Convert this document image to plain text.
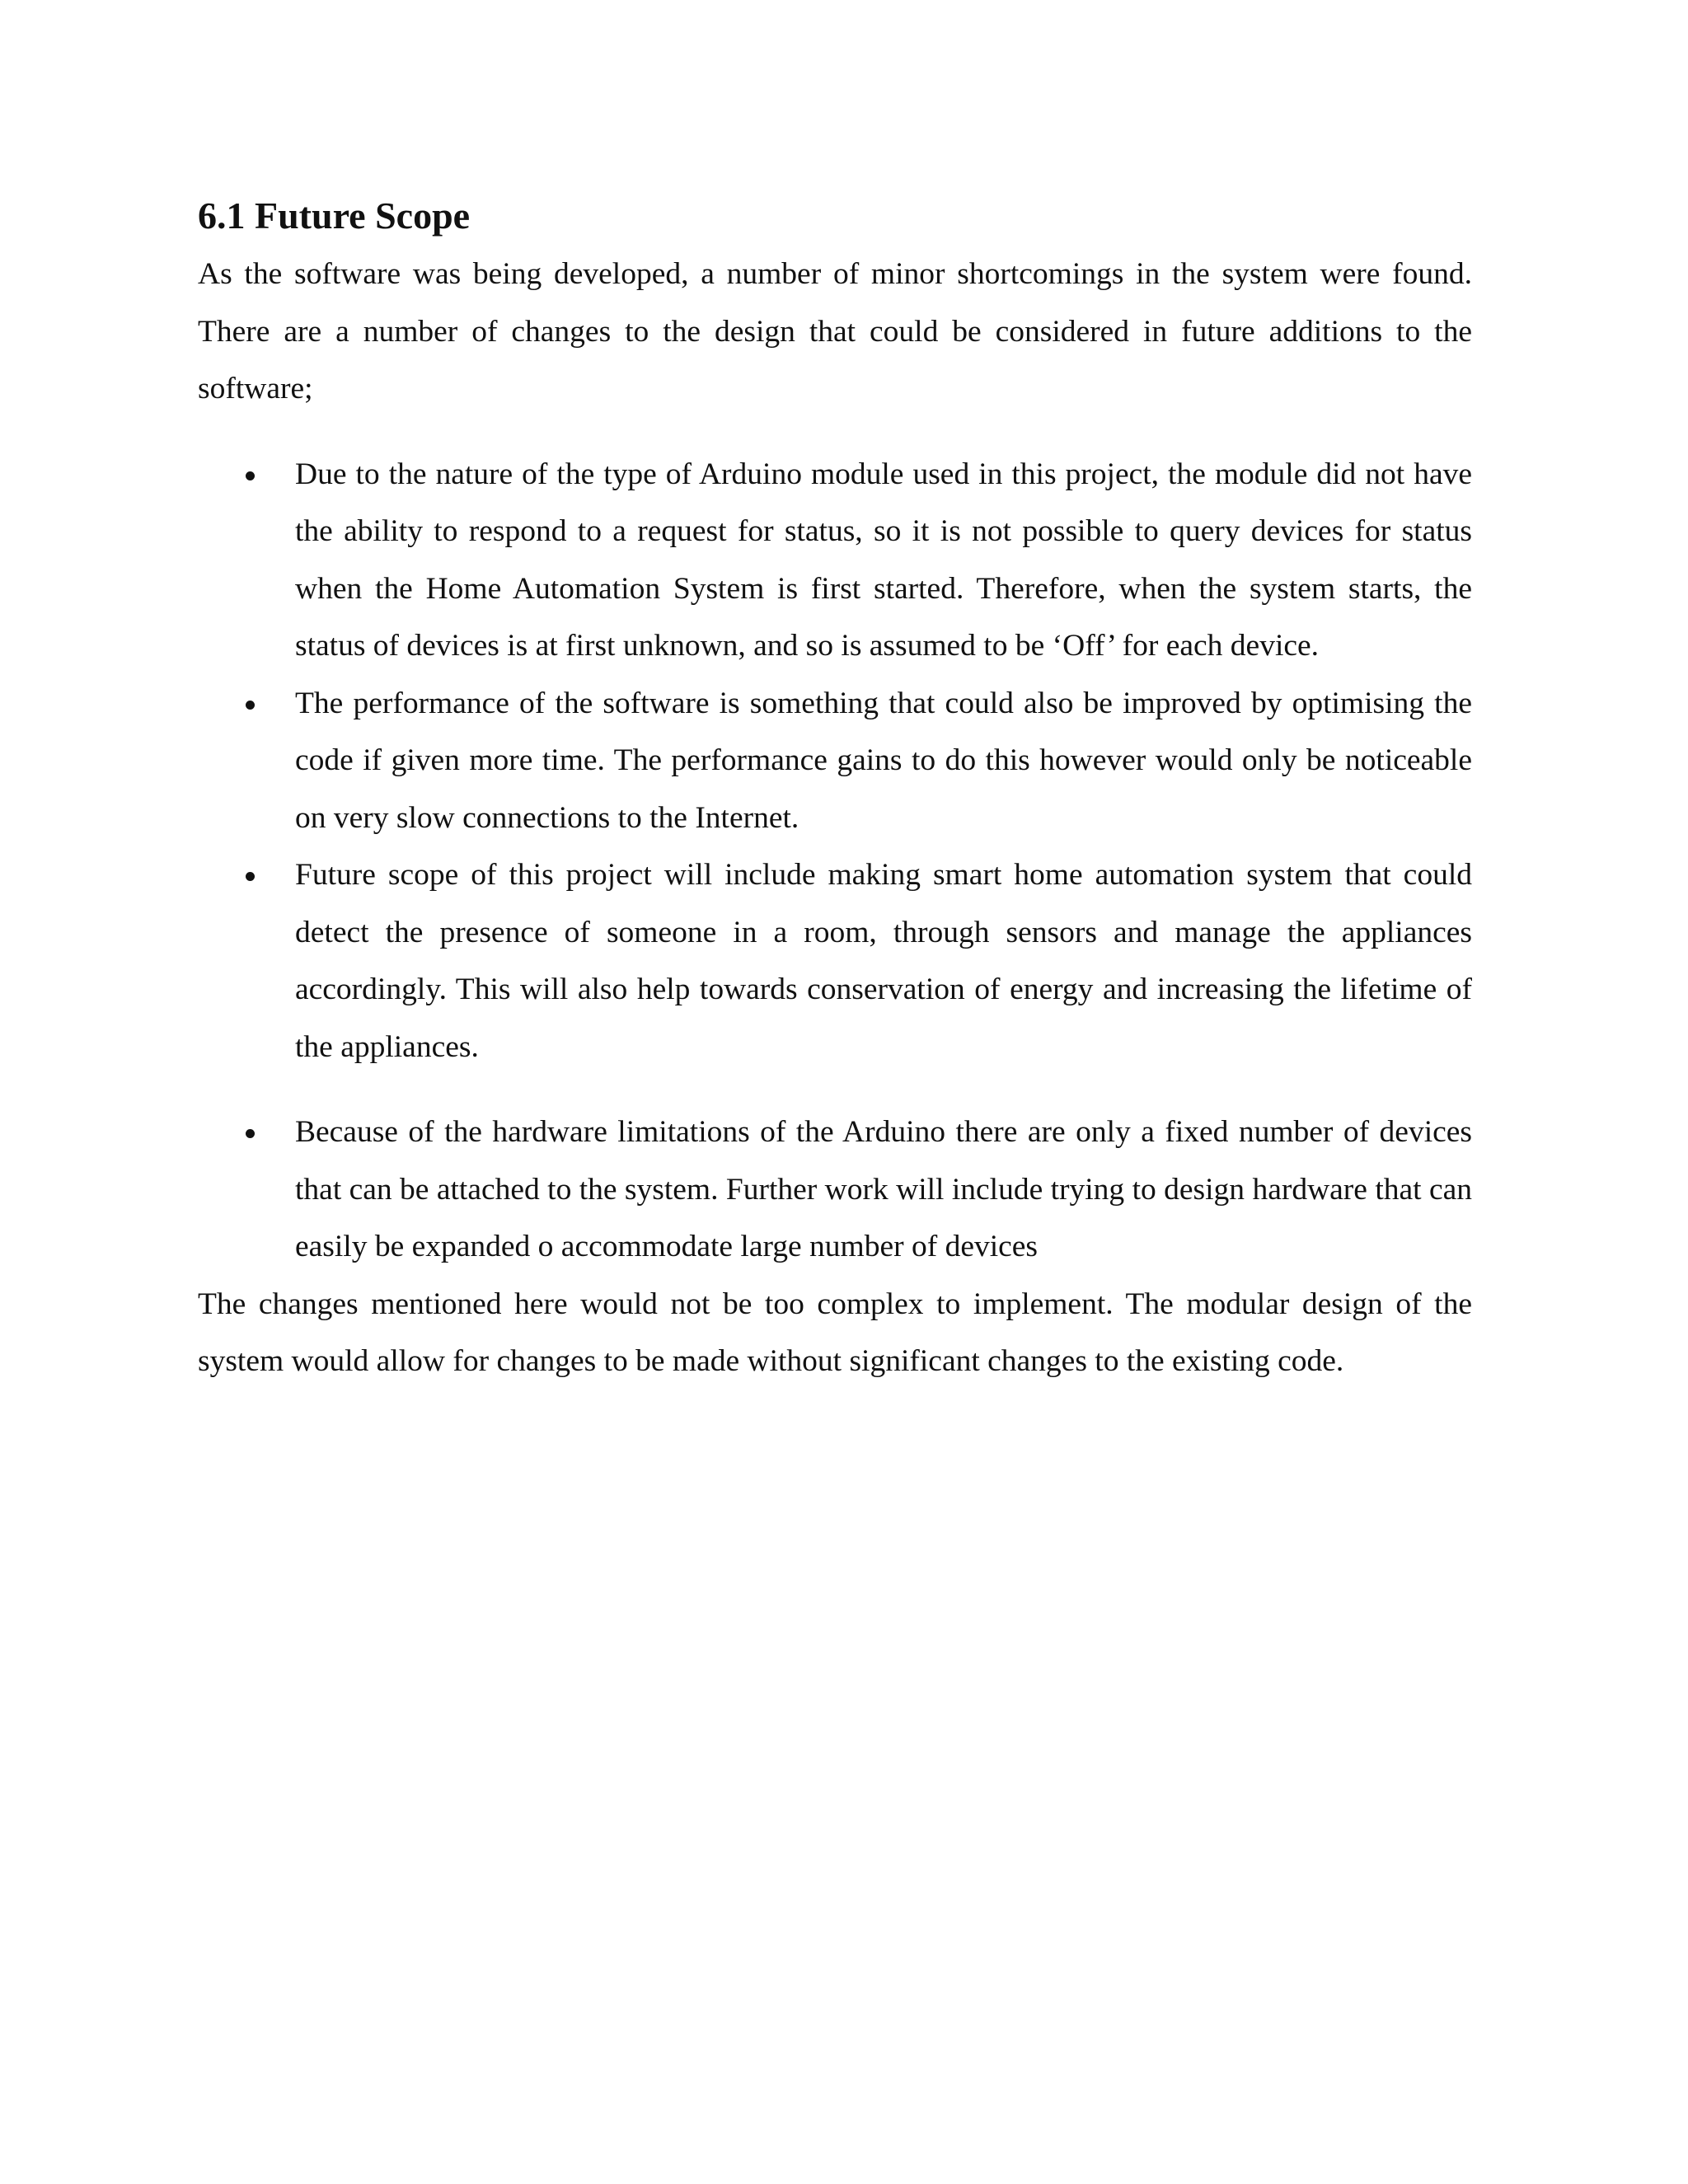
6.1 Future Scope

As the software was being developed, a number of minor shortcomings in the system were found. There are a number of changes to the design that could be considered in future additions to the software;

Due to the nature of the type of Arduino module used in this project, the module did not have the ability to respond to a request for status, so it is not possible to query devices for status when the Home Automation System is first started. Therefore, when the system starts, the status of devices is at first unknown, and so is assumed to be ‘Off’ for each device.
The performance of the software is something that could also be improved by optimising the code if given more time. The performance gains to do this however would only be noticeable on very slow connections to the Internet.
Future scope of this project will include making smart home automation system that could detect the presence of someone in a room, through sensors and manage the appliances accordingly. This will also help towards conservation of energy and increasing the lifetime of the appliances.
Because of the hardware limitations of the Arduino there are only a fixed number of devices that can be attached to the system. Further work will include trying to design hardware that can easily be expanded o accommodate large number of devices

The changes mentioned here would not be too complex to implement. The modular design of the system would allow for changes to be made without significant changes to the existing code.
